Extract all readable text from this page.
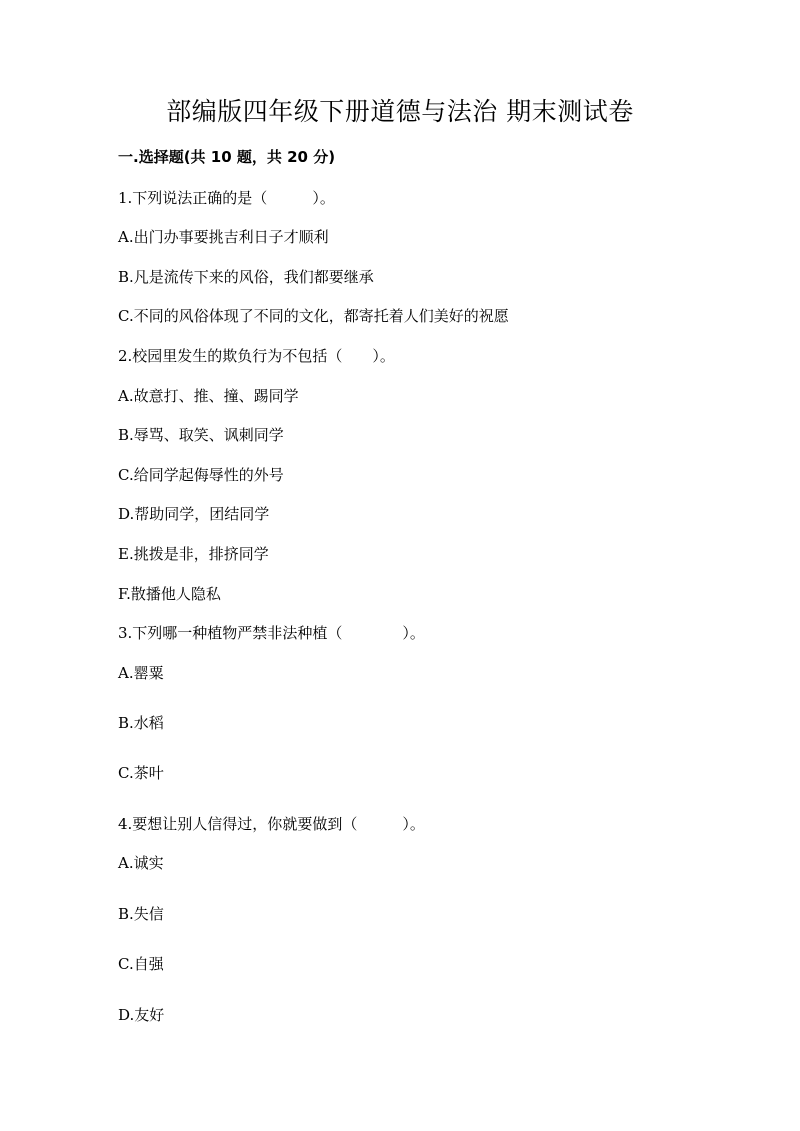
部编版四年级下册道德与法治 期末测试卷
一.选择题(共 10 题，共 20 分)
1.下列说法正确的是（　　　）。
A.出门办事要挑吉利日子才顺利
B.凡是流传下来的风俗，我们都要继承
C.不同的风俗体现了不同的文化，都寄托着人们美好的祝愿
2.校园里发生的欺负行为不包括（　　）。
A.故意打、推、撞、踢同学
B.辱骂、取笑、讽刺同学
C.给同学起侮辱性的外号
D.帮助同学，团结同学
E.挑拨是非，排挤同学
F.散播他人隐私
3.下列哪一种植物严禁非法种植（　　　　）。
A.罂粟
B.水稻
C.茶叶
4.要想让别人信得过，你就要做到（　　　）。
A.诚实
B.失信
C.自强
D.友好
